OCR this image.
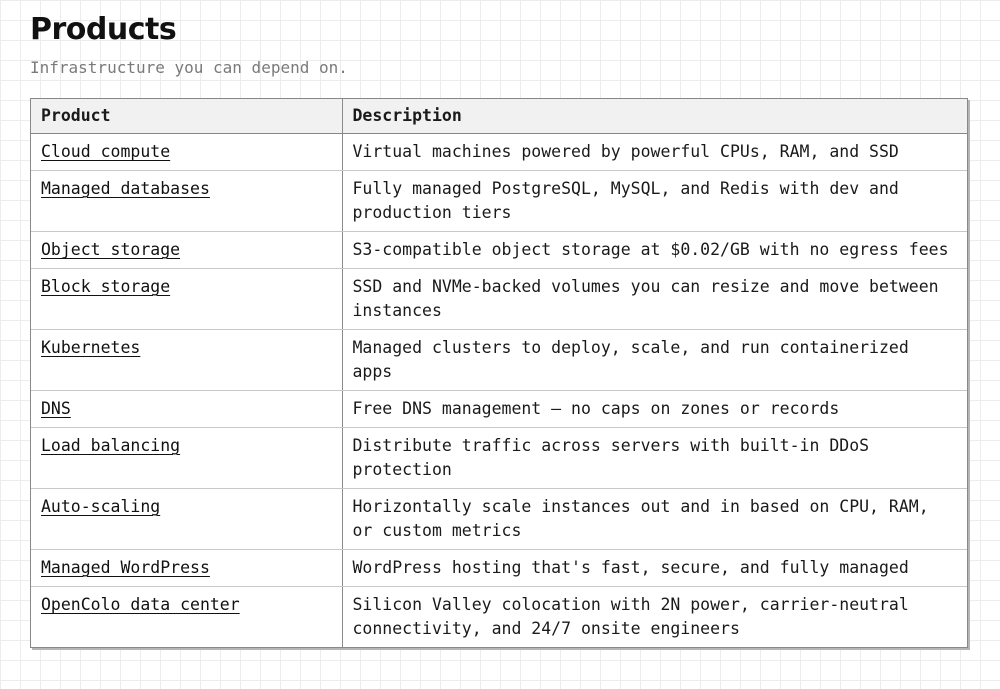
Products

Infrastructure you can depend on.

Product	Description
Cloud compute	Virtual machines powered by powerful CPUs, RAM, and SSD
Managed databases	Fully managed PostgreSQL, MySQL, and Redis with dev and production tiers
Object storage	S3-compatible object storage at $0.02/GB with no egress fees
Block storage	SSD and NVMe-backed volumes you can resize and move between instances
Kubernetes	Managed clusters to deploy, scale, and run containerized apps
DNS	Free DNS management — no caps on zones or records
Load balancing	Distribute traffic across servers with built-in DDoS protection
Auto-scaling	Horizontally scale instances out and in based on CPU, RAM, or custom metrics
Managed WordPress	WordPress hosting that's fast, secure, and fully managed
OpenColo data center	Silicon Valley colocation with 2N power, carrier-neutral connectivity, and 24/7 onsite engineers
